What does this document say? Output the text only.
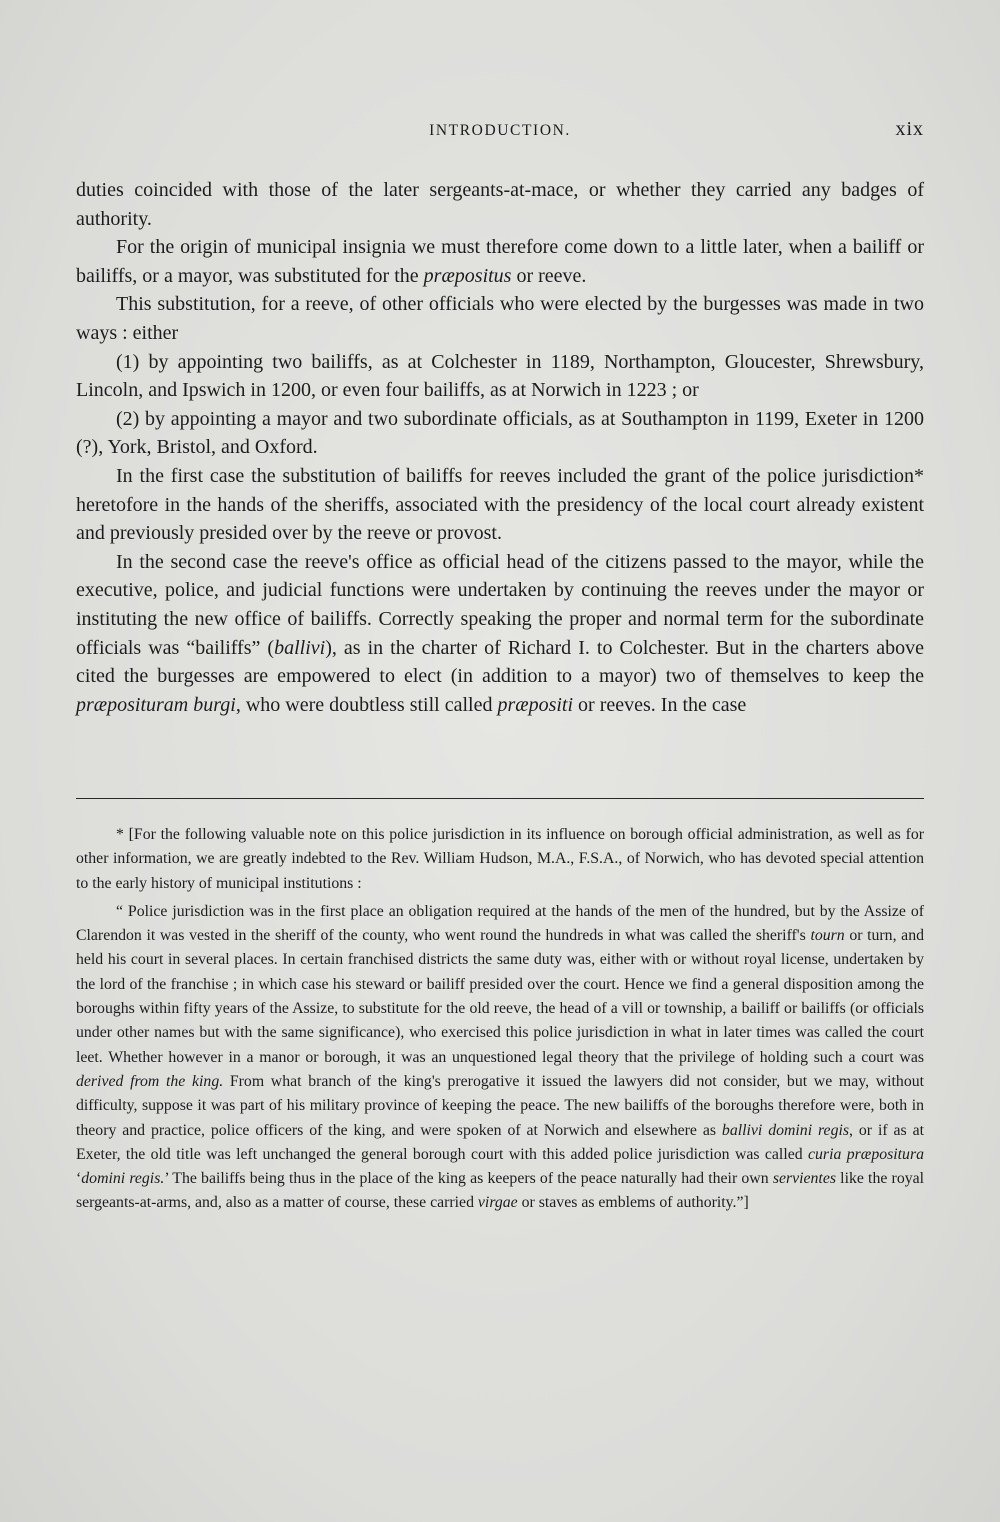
INTRODUCTION.	xix

duties coincided with those of the later sergeants-at-mace, or whether they carried any badges of authority.

For the origin of municipal insignia we must therefore come down to a little later, when a bailiff or bailiffs, or a mayor, was substituted for the præpositus or reeve.

This substitution, for a reeve, of other officials who were elected by the burgesses was made in two ways : either

(1) by appointing two bailiffs, as at Colchester in 1189, Northampton, Gloucester, Shrewsbury, Lincoln, and Ipswich in 1200, or even four bailiffs, as at Norwich in 1223 ; or

(2) by appointing a mayor and two subordinate officials, as at Southampton in 1199, Exeter in 1200 (?), York, Bristol, and Oxford.

In the first case the substitution of bailiffs for reeves included the grant of the police jurisdiction* heretofore in the hands of the sheriffs, associated with the presidency of the local court already existent and previously presided over by the reeve or provost.

In the second case the reeve's office as official head of the citizens passed to the mayor, while the executive, police, and judicial functions were undertaken by continuing the reeves under the mayor or instituting the new office of bailiffs. Correctly speaking the proper and normal term for the subordinate officials was “bailiffs” (ballivi), as in the charter of Richard I. to Colchester. But in the charters above cited the burgesses are empowered to elect (in addition to a mayor) two of themselves to keep the præposituram burgi, who were doubtless still called præpositi or reeves. In the case

* [For the following valuable note on this police jurisdiction in its influence on borough official administration, as well as for other information, we are greatly indebted to the Rev. William Hudson, M.A., F.S.A., of Norwich, who has devoted special attention to the early history of municipal institutions :

“ Police jurisdiction was in the first place an obligation required at the hands of the men of the hundred, but by the Assize of Clarendon it was vested in the sheriff of the county, who went round the hundreds in what was called the sheriff's tourn or turn, and held his court in several places. In certain franchised districts the same duty was, either with or without royal license, undertaken by the lord of the franchise ; in which case his steward or bailiff presided over the court. Hence we find a general disposition among the boroughs within fifty years of the Assize, to substitute for the old reeve, the head of a vill or township, a bailiff or bailiffs (or officials under other names but with the same significance), who exercised this police jurisdiction in what in later times was called the court leet. Whether however in a manor or borough, it was an unquestioned legal theory that the privilege of holding such a court was derived from the king. From what branch of the king's prerogative it issued the lawyers did not consider, but we may, without difficulty, suppose it was part of his military province of keeping the peace. The new bailiffs of the boroughs therefore were, both in theory and practice, police officers of the king, and were spoken of at Norwich and elsewhere as ballivi domini regis, or if as at Exeter, the old title was left unchanged the general borough court with this added police jurisdiction was called curia præpositura ‘domini regis.’ The bailiffs being thus in the place of the king as keepers of the peace naturally had their own servientes like the royal sergeants-at-arms, and, also as a matter of course, these carried virgae or staves as emblems of authority.”]
